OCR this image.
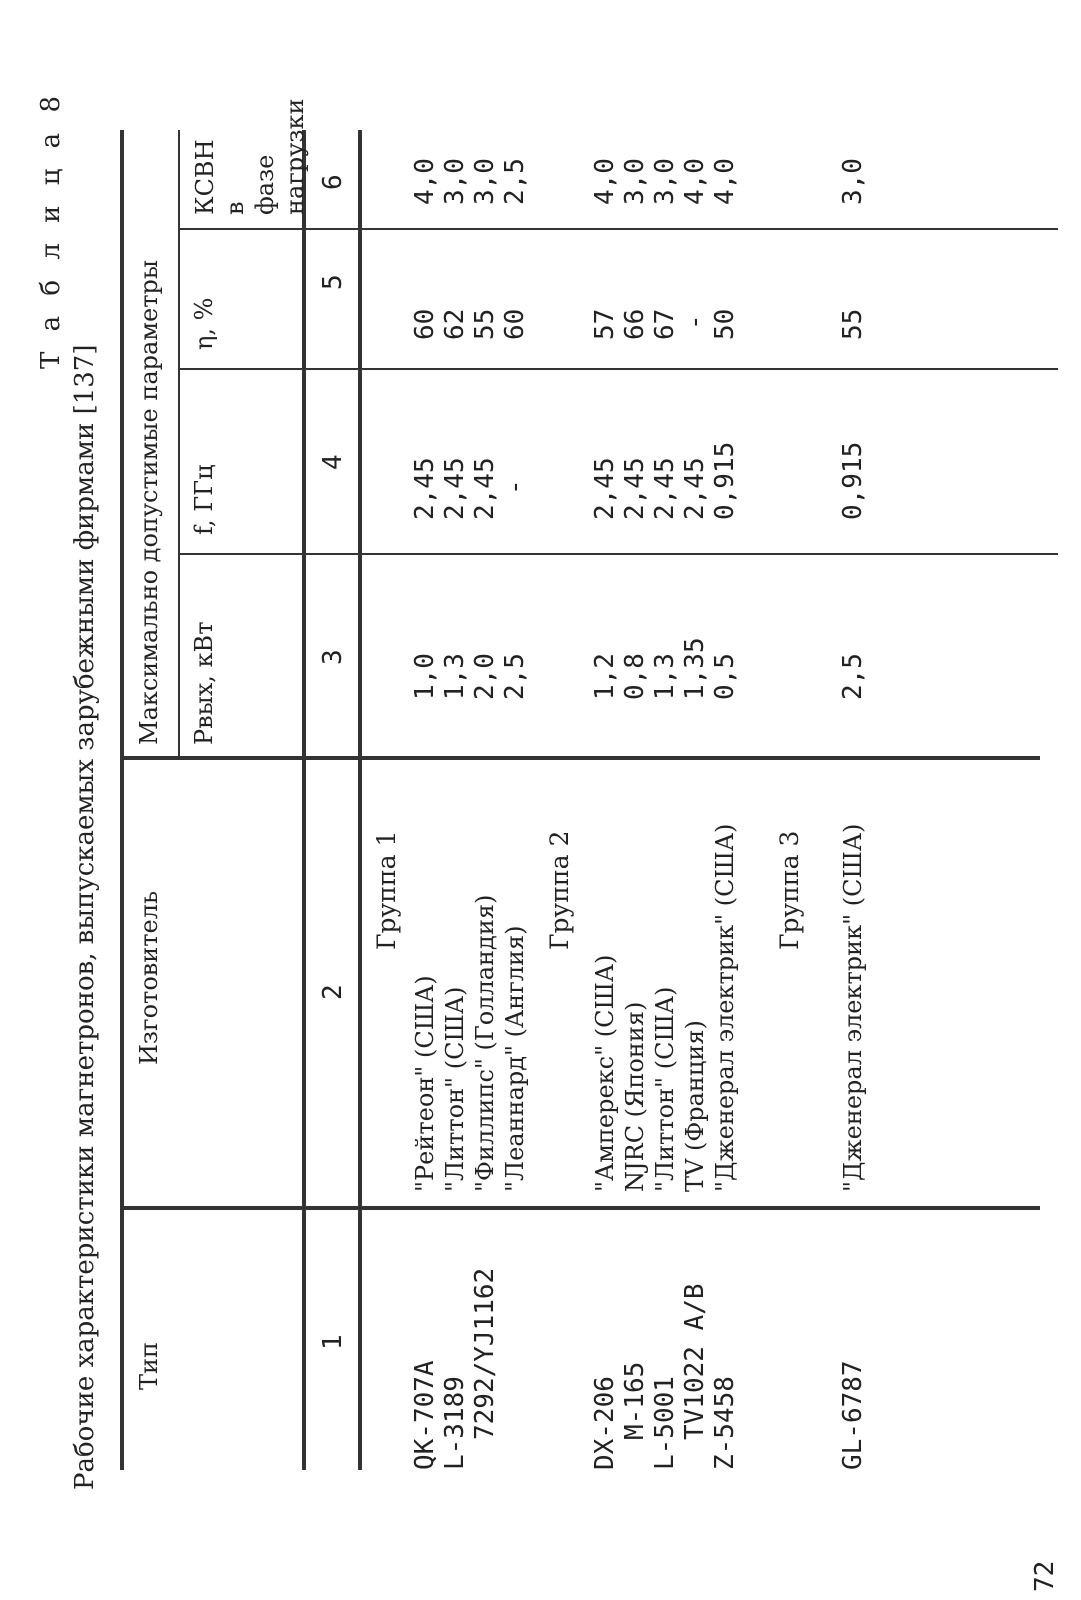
72
Т а б л и ц а 8
Рабочие характеристики магнетронов, выпускаемых зарубежными фирмами [137] Тип
Изготовитель
Максимально допустимые параметры Pвых, кВт
f, ГГц
η, %
КСВН в фазе нагрузки
1
2
3
4
5
6
Группа 1
QK-707А
"Рейтеон" (США)
1,0
2,45
60
4,0
L-3189
"Литтон" (США)
1,3
2,45
62
3,0
7292/YJ1162
"Филлипс" (Голландия)
2,0
2,45
55
3,0
"Леаннард" (Англия)
2,5
-
60
2,5
Группа 2
DX-206
"Амперекс" (США)
1,2
2,45
57
4,0
M-165
NJRC (Япония)
0,8
2,45
66
3,0
L-5001
"Литтон" (США)
1,3
2,45
67
3,0
TV1022 А/В
TV (Франция)
1,35
2,45
-
4,0
Z-5458
"Дженерал электрик" (США)
0,5
0,915
50
4,0
Группа 3
GL-6787
"Дженерал электрик" (США)
2,5
0,915
55
3,0
